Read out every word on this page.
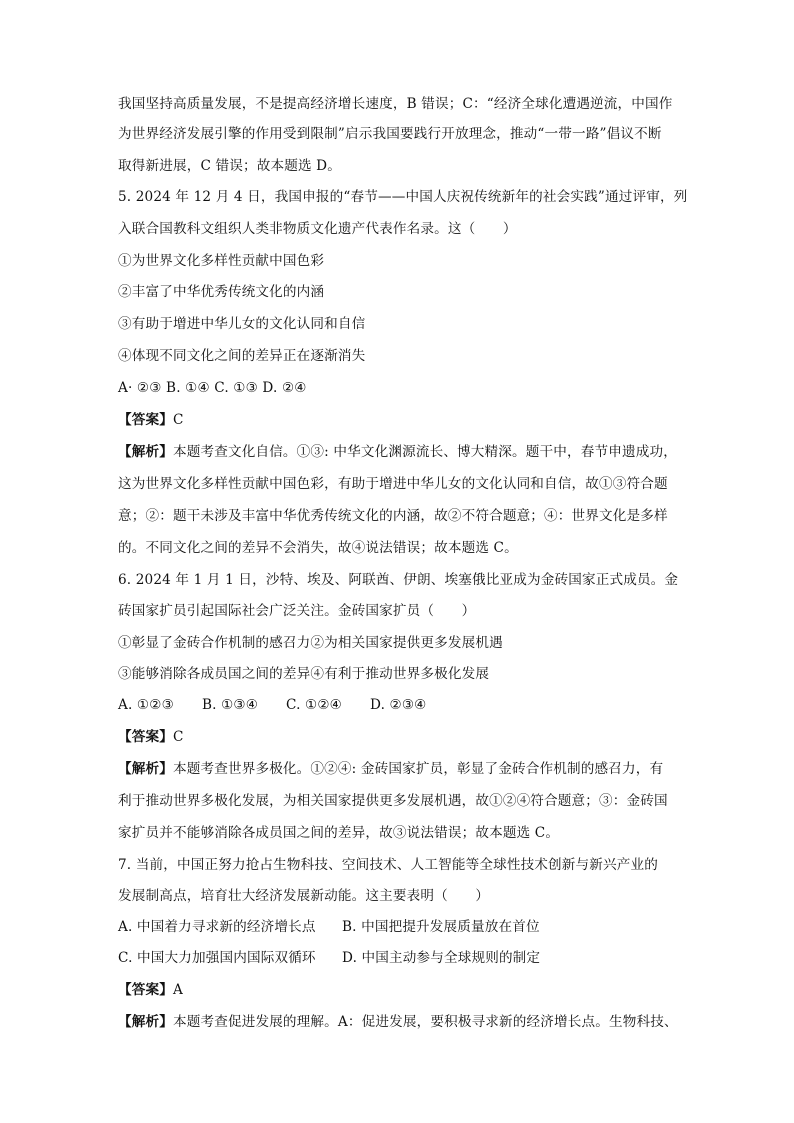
我国坚持高质量发展，不是提高经济增长速度，B 错误；C：“经济全球化遭遇逆流，中国作
为世界经济发展引擎的作用受到限制”启示我国要践行开放理念，推动“一带一路”倡议不断
取得新进展，C 错误；故本题选 D。
5. 2024 年 12 月 4 日，我国申报的“春节——中国人庆祝传统新年的社会实践”通过评审，列
入联合国教科文组织人类非物质文化遗产代表作名录。这（　　）
①为世界文化多样性贡献中国色彩
②丰富了中华优秀传统文化的内涵
③有助于增进中华儿女的文化认同和自信
④体现不同文化之间的差异正在逐渐消失
A· ②③ B. ①④ C. ①③ D. ②④
【答案】C
【解析】本题考查文化自信。①③: 中华文化渊源流长、博大精深。题干中，春节申遗成功，
这为世界文化多样性贡献中国色彩，有助于增进中华儿女的文化认同和自信，故①③符合题
意；②：题干未涉及丰富中华优秀传统文化的内涵，故②不符合题意；④：世界文化是多样
的。不同文化之间的差异不会消失，故④说法错误；故本题选 C。
6. 2024 年 1 月 1 日，沙特、埃及、阿联酋、伊朗、埃塞俄比亚成为金砖国家正式成员。金
砖国家扩员引起国际社会广泛关注。金砖国家扩员（　　）
①彰显了金砖合作机制的感召力②为相关国家提供更多发展机遇
③能够消除各成员国之间的差异④有利于推动世界多极化发展
A. ①②③ B. ①③④ C. ①②④ D. ②③④
【答案】C
【解析】本题考查世界多极化。①②④: 金砖国家扩员，彰显了金砖合作机制的感召力，有
利于推动世界多极化发展，为相关国家提供更多发展机遇，故①②④符合题意；③：金砖国
家扩员并不能够消除各成员国之间的差异，故③说法错误；故本题选 C。
7. 当前，中国正努力抢占生物科技、空间技术、人工智能等全球性技术创新与新兴产业的
发展制高点，培育壮大经济发展新动能。这主要表明（　　）
A. 中国着力寻求新的经济增长点 B. 中国把提升发展质量放在首位
C. 中国大力加强国内国际双循环 D. 中国主动参与全球规则的制定
【答案】A
【解析】本题考查促进发展的理解。A：促进发展，要积极寻求新的经济增长点。生物科技、
